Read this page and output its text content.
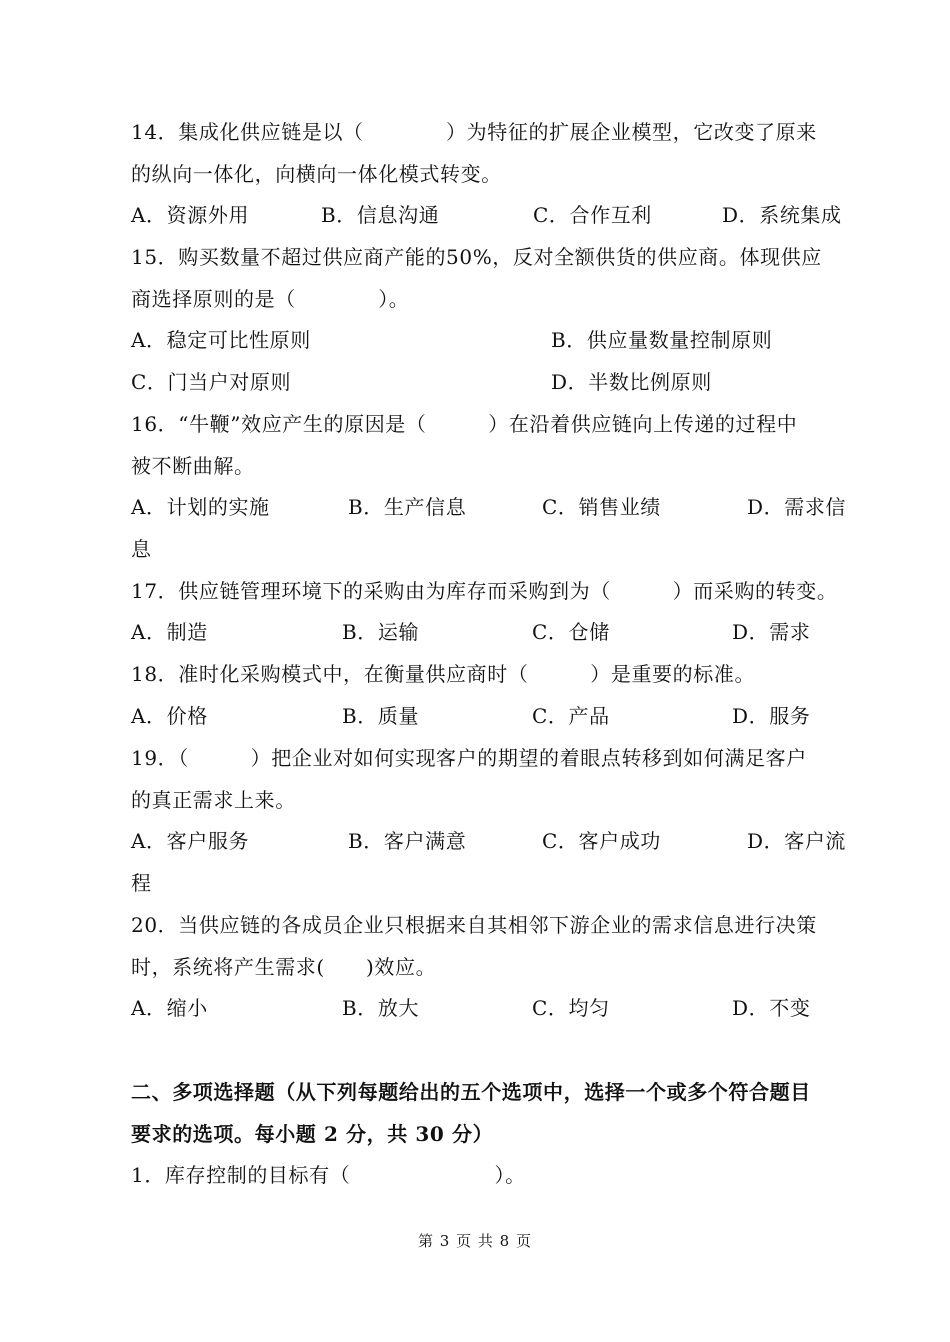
14．集成化供应链是以（　　　　）为特征的扩展企业模型，它改变了原来
的纵向一体化，向横向一体化模式转变。
A．资源外用	B．信息沟通	C．合作互利	D．系统集成
15．购买数量不超过供应商产能的50%，反对全额供货的供应商。体现供应
商选择原则的是（　　　　）。
A．稳定可比性原则	B．供应量数量控制原则
C．门当户对原则	D．半数比例原则
16．“牛鞭”效应产生的原因是（　　　）在沿着供应链向上传递的过程中
被不断曲解。
A．计划的实施	B．生产信息	C．销售业绩	D．需求信
息
17．供应链管理环境下的采购由为库存而采购到为（　　　）而采购的转变。
A．制造	B．运输	C．仓储	D．需求
18．准时化采购模式中，在衡量供应商时（　　　）是重要的标准。
A．价格	B．质量	C．产品	D．服务
19．（　　　）把企业对如何实现客户的期望的着眼点转移到如何满足客户
的真正需求上来。
A．客户服务	B．客户满意	C．客户成功	D．客户流
程
20．当供应链的各成员企业只根据来自其相邻下游企业的需求信息进行决策
时，系统将产生需求(　　)效应。
A．缩小	B．放大	C．均匀	D．不变
二、多项选择题（从下列每题给出的五个选项中，选择一个或多个符合题目
要求的选项。每小题 2 分，共 30 分）
1．库存控制的目标有（　　　　　　　）。
第 3 页 共 8 页
